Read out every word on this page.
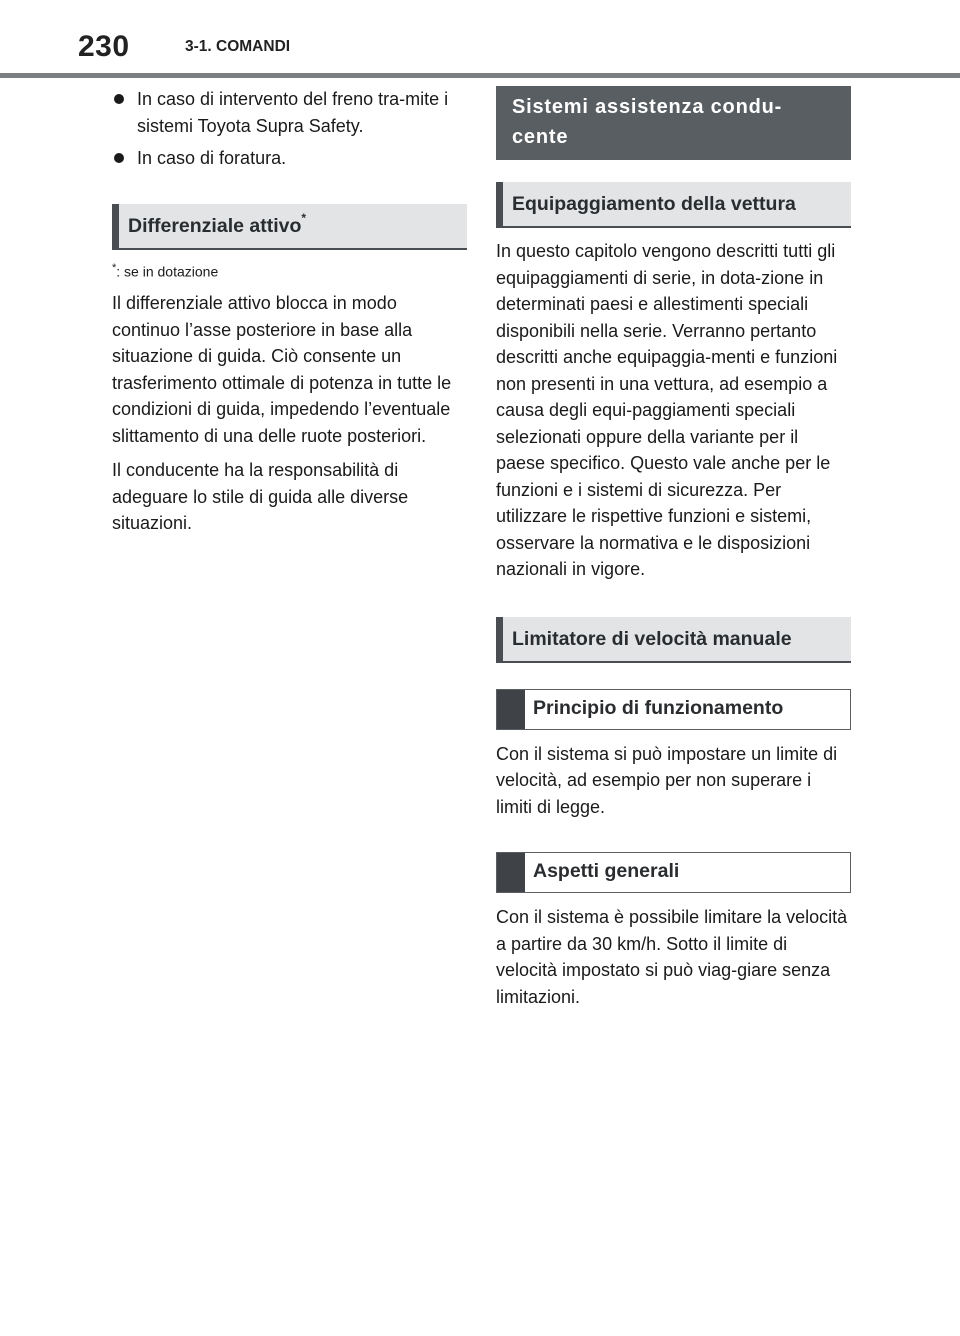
230	3-1. COMANDI
In caso di intervento del freno tra-mite i sistemi Toyota Supra Safety.
In caso di foratura.
Differenziale attivo*
*: se in dotazione

Il differenziale attivo blocca in modo continuo l’asse posteriore in base alla situazione di guida. Ciò consente un trasferimento ottimale di potenza in tutte le condizioni di guida, impedendo l’eventuale slittamento di una delle ruote posteriori.

Il conducente ha la responsabilità di adeguare lo stile di guida alle diverse situazioni.

Sistemi assistenza condu-cente
Equipaggiamento della vettura

In questo capitolo vengono descritti tutti gli equipaggiamenti di serie, in dota-zione in determinati paesi e allestimenti speciali disponibili nella serie. Verranno pertanto descritti anche equipaggia-menti e funzioni non presenti in una vettura, ad esempio a causa degli equi-paggiamenti speciali selezionati oppure della variante per il paese specifico. Questo vale anche per le funzioni e i sistemi di sicurezza. Per utilizzare le rispettive funzioni e sistemi, osservare la normativa e le disposizioni nazionali in vigore.

Limitatore di velocità manuale
Principio di funzionamento

Con il sistema si può impostare un limite di velocità, ad esempio per non superare i limiti di legge.

Aspetti generali

Con il sistema è possibile limitare la velocità a partire da 30 km/h. Sotto il limite di velocità impostato si può viag-giare senza limitazioni.
